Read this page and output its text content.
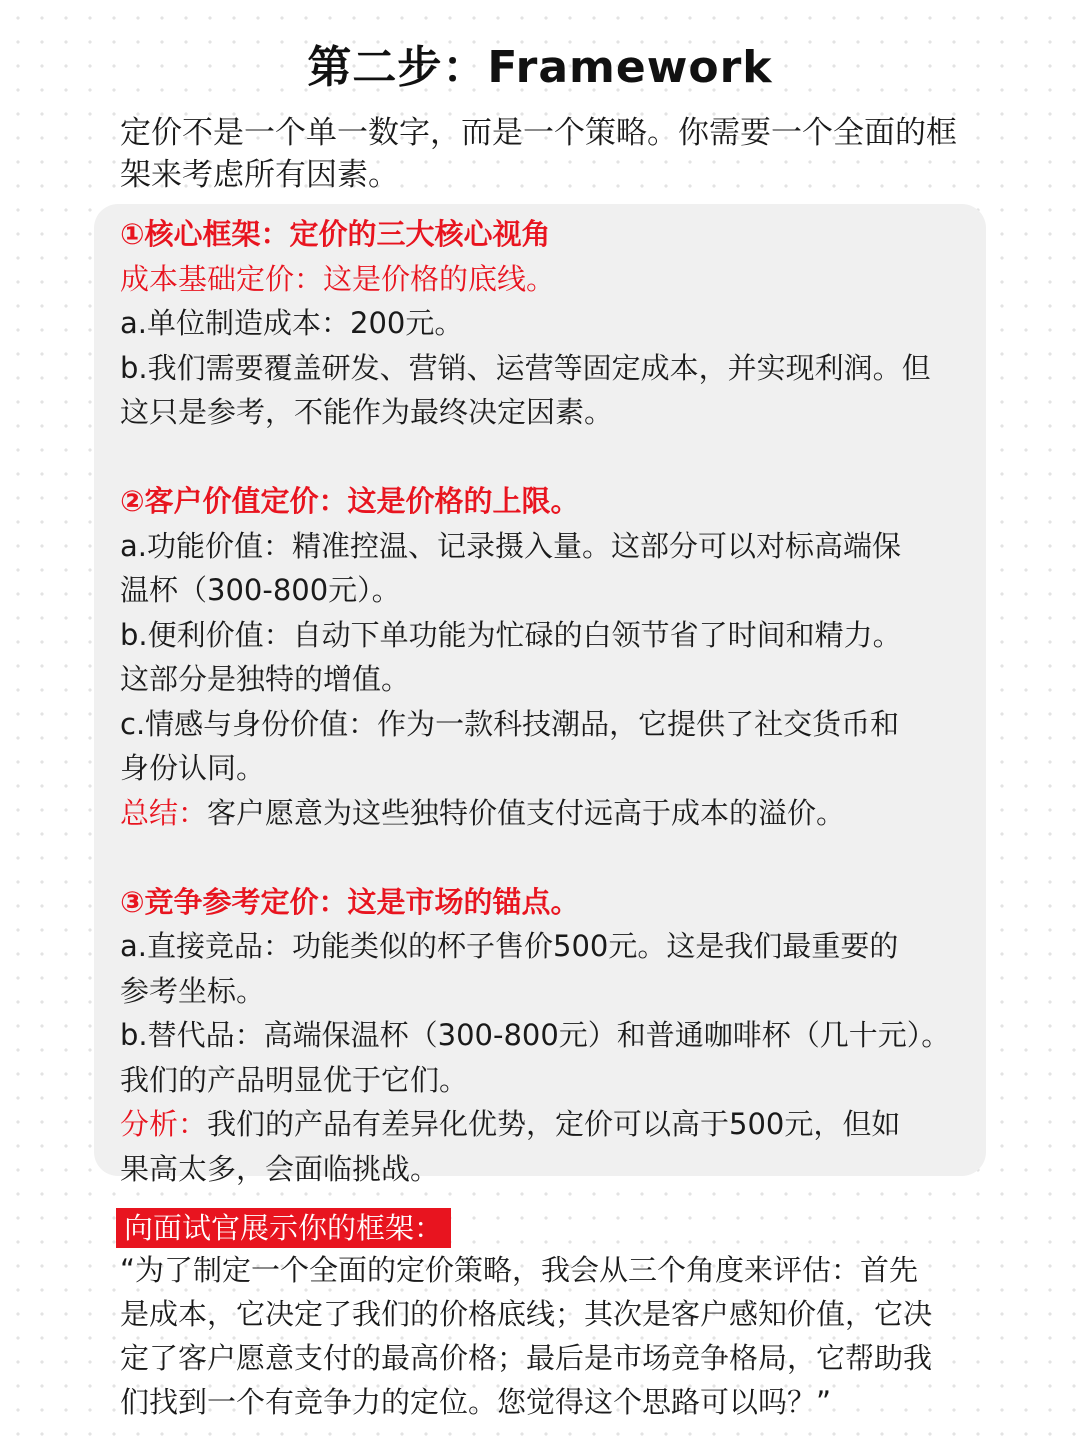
第二步：Framework

定价不是一个单一数字，而是一个策略。你需要一个全面的框

架来考虑所有因素。

①核心框架：定价的三大核心视角

成本基础定价：这是价格的底线。

a.单位制造成本：200元。

b.我们需要覆盖研发、营销、运营等固定成本，并实现利润。但

这只是参考，不能作为最终决定因素。

②客户价值定价：这是价格的上限。

a.功能价值：精准控温、记录摄入量。这部分可以对标高端保

温杯（300-800元）。

b.便利价值：自动下单功能为忙碌的白领节省了时间和精力。

这部分是独特的增值。

c.情感与身份价值：作为一款科技潮品，它提供了社交货币和

身份认同。

总结：客户愿意为这些独特价值支付远高于成本的溢价。

③竞争参考定价：这是市场的锚点。

a.直接竞品：功能类似的杯子售价500元。这是我们最重要的

参考坐标。

b.替代品：高端保温杯（300-800元）和普通咖啡杯（几十元）。

我们的产品明显优于它们。

分析：我们的产品有差异化优势，定价可以高于500元，但如

果高太多，会面临挑战。

向面试官展示你的框架：

“为了制定一个全面的定价策略，我会从三个角度来评估：首先

是成本，它决定了我们的价格底线；其次是客户感知价值，它决

定了客户愿意支付的最高价格；最后是市场竞争格局，它帮助我

们找到一个有竞争力的定位。您觉得这个思路可以吗？”
